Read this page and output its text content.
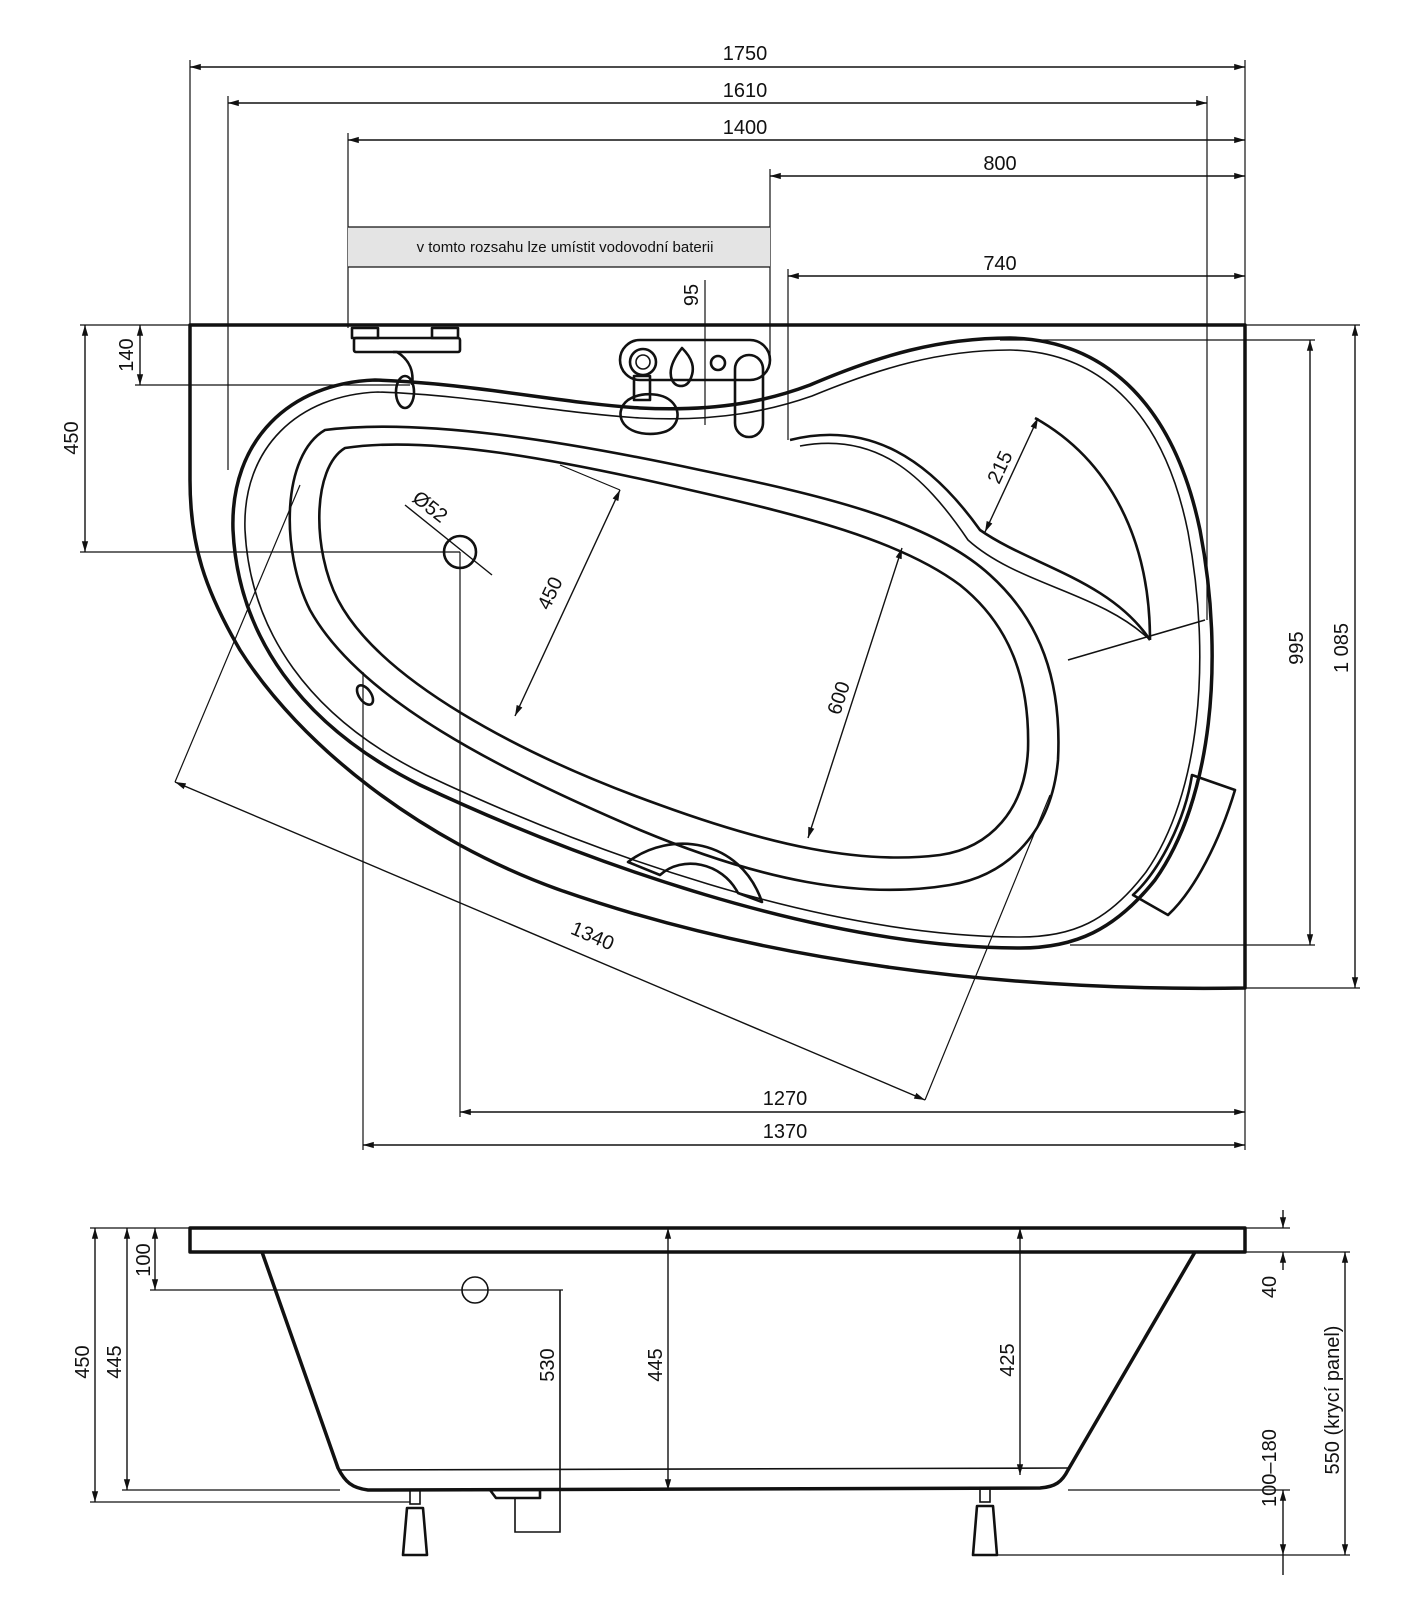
v tomto rozsahu lze umístit vodovodní baterii
1750
1610
1400
800
740
95
140
450
995 1 085
1270
1370
1340
Ø52
450
600
215
100
450 445	530	445	425
40
100–180 550 (krycí panel)
